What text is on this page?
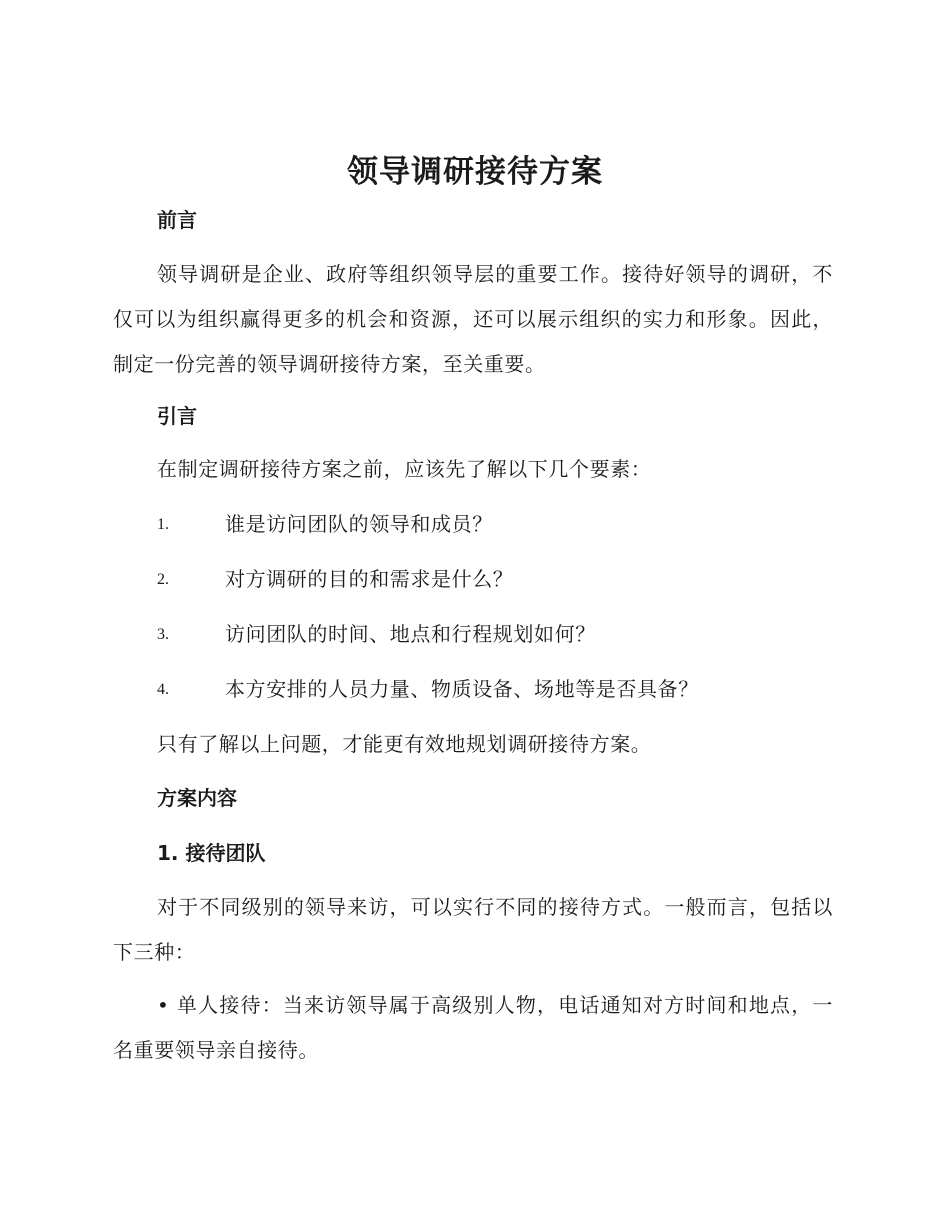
领导调研接待方案
前言
领导调研是企业、政府等组织领导层的重要工作。接待好领导的调研，不仅可以为组织赢得更多的机会和资源，还可以展示组织的实力和形象。因此，制定一份完善的领导调研接待方案，至关重要。
引言
在制定调研接待方案之前，应该先了解以下几个要素：
1.	谁是访问团队的领导和成员？
2.	对方调研的目的和需求是什么？
3.	访问团队的时间、地点和行程规划如何？
4.	本方安排的人员力量、物质设备、场地等是否具备？
只有了解以上问题，才能更有效地规划调研接待方案。
方案内容
1. 接待团队
对于不同级别的领导来访，可以实行不同的接待方式。一般而言，包括以下三种：
• 单人接待：当来访领导属于高级别人物，电话通知对方时间和地点，一名重要领导亲自接待。
